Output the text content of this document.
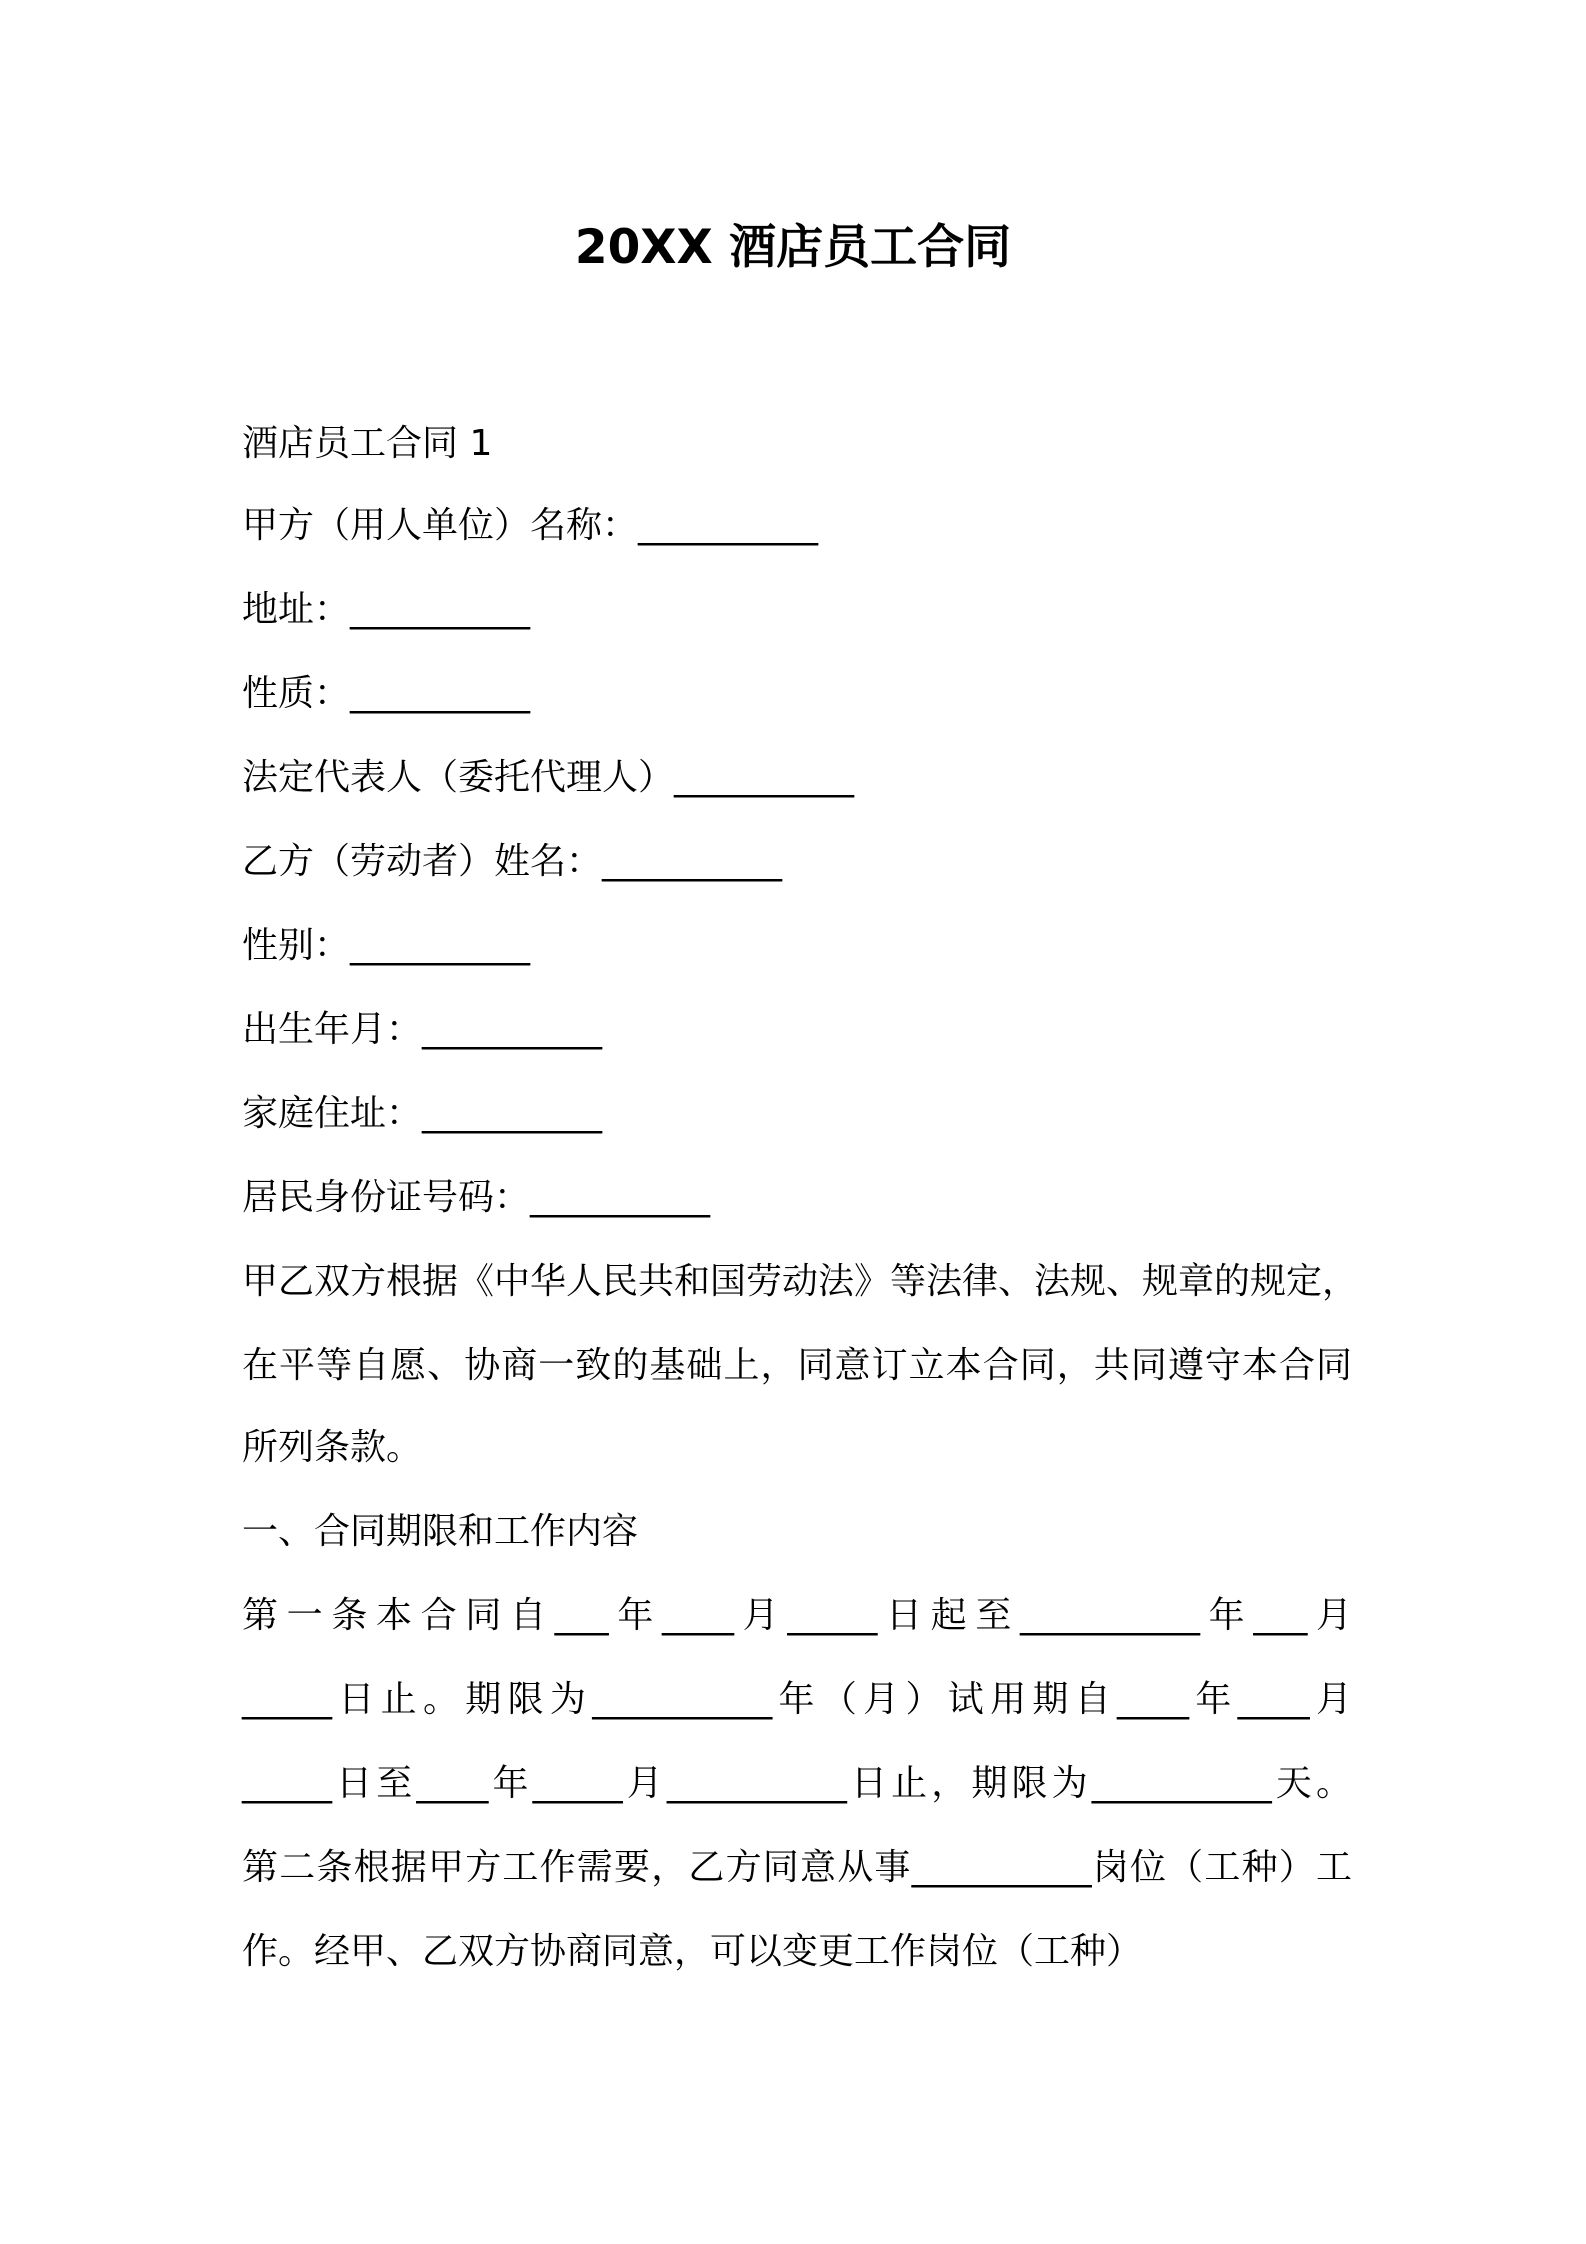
20XX 酒店员工合同
酒店员工合同 1
甲方（用人单位）名称：__________
地址：__________
性质：__________
法定代表人（委托代理人）__________
乙方（劳动者）姓名：__________
性别：__________
出生年月：__________
家庭住址：__________
居民身份证号码：__________
甲乙双方根据《中华人民共和国劳动法》等法律、法规、规章的规定，
在平等自愿、协商一致的基础上，同意订立本合同，共同遵守本合同
所列条款。
一、合同期限和工作内容
第一条本合同自___年____月_____日起至__________年___月
_____日止。期限为__________年（月）试用期自____年____月
_____日至____年_____月__________日止，期限为__________天。
第二条根据甲方工作需要，乙方同意从事__________岗位（工种）工
作。经甲、乙双方协商同意，可以变更工作岗位（工种）
